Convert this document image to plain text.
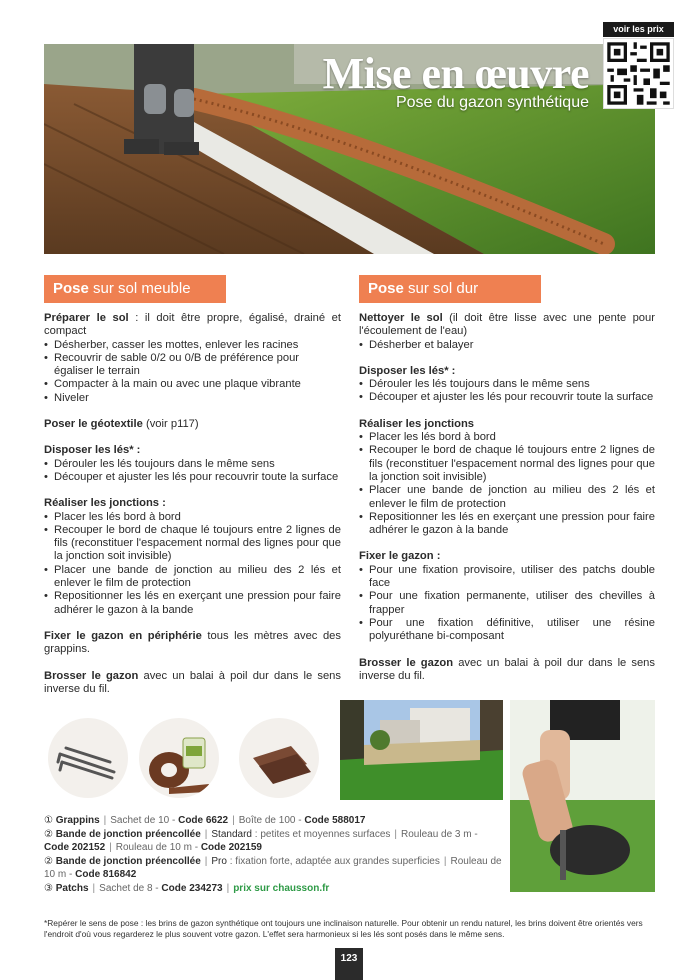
Mise en œuvre
Pose du gazon synthétique
voir les prix
Pose sur sol meuble

Préparer le sol : il doit être propre, égalisé, drainé et compact

• Désherber, casser les mottes, enlever les racines
• Recouvrir de sable 0/2 ou 0/B de préférence pour égaliser le terrain
• Compacter à la main ou avec une plaque vibrante
• Niveler

Poser le géotextile (voir p117)

Disposer les lés* :

• Dérouler les lés toujours dans le même sens
• Découper et ajuster les lés pour recouvrir toute la surface

Réaliser les jonctions :

• Placer les lés bord à bord
• Recouper le bord de chaque lé toujours entre 2 lignes de fils (reconstituer l'espacement normal des lignes pour que la jonction soit invisible)
• Placer une bande de jonction au milieu des 2 lés et enlever le film de protection
• Repositionner les lés en exerçant une pression pour faire adhérer le gazon à la bande

Fixer le gazon en périphérie tous les mètres avec des grappins.

Brosser le gazon avec un balai à poil dur dans le sens inverse du fil.

Pose sur sol dur

Nettoyer le sol (il doit être lisse avec une pente pour l'écoulement de l'eau)

• Désherber et balayer

Disposer les lés* :

• Dérouler les lés toujours dans le même sens
• Découper et ajuster les lés pour recouvrir toute la surface

Réaliser les jonctions

• Placer les lés bord à bord
• Recouper le bord de chaque lé toujours entre 2 lignes de fils (reconstituer l'espacement normal des lignes pour que la jonction soit invisible)
• Placer une bande de jonction au milieu des 2 lés et enlever le film de protection
• Repositionner les lés en exerçant une pression pour faire adhérer le gazon à la bande

Fixer le gazon :

• Pour une fixation provisoire, utiliser des patchs double face
• Pour une fixation permanente, utiliser des chevilles à frapper
• Pour une fixation définitive, utiliser une résine polyuréthane bi-composant

Brosser le gazon avec un balai à poil dur dans le sens inverse du fil.

① Grappins | Sachet de 10 - Code 6622 | Boîte de 100 - Code 588017
② Bande de jonction préencollée | Standard : petites et moyennes surfaces | Rouleau de 3 m - Code 202152 | Rouleau de 10 m - Code 202159
② Bande de jonction préencollée | Pro : fixation forte, adaptée aux grandes superficies | Rouleau de 10 m - Code 816842
③ Patchs | Sachet de 8 - Code 234273 | prix sur chausson.fr
*Repérer le sens de pose : les brins de gazon synthétique ont toujours une inclinaison naturelle. Pour obtenir un rendu naturel, les brins doivent être orientés vers l'endroit d'où vous regarderez le plus souvent votre gazon. L'effet sera harmonieux si les lés sont posés dans le même sens.
123
